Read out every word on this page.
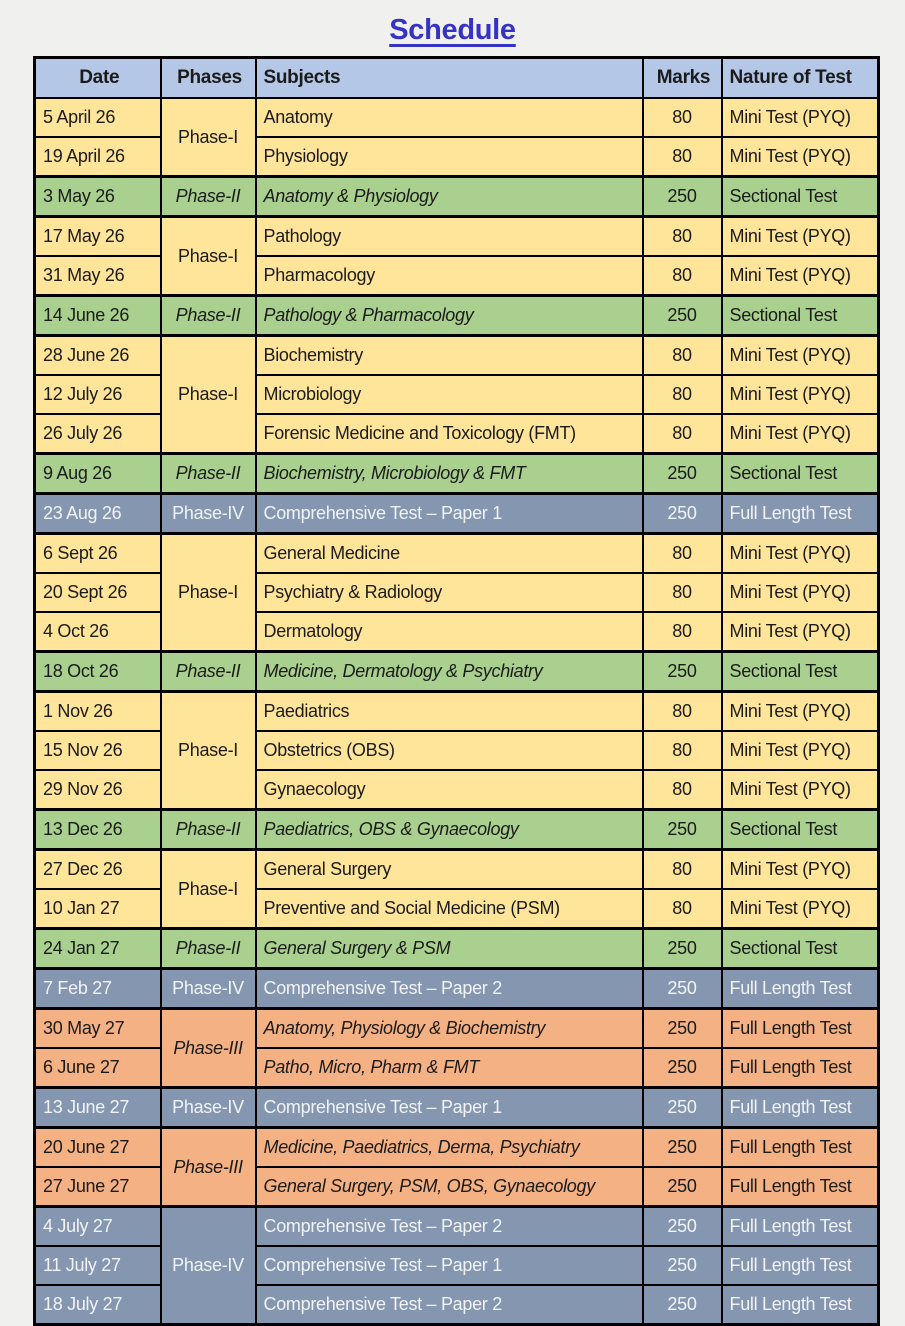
Schedule
Date	Phases	Subjects	Marks	Nature of Test
5 April 26	Phase-I	Anatomy	80	Mini Test (PYQ)
19 April 26		Physiology	80	Mini Test (PYQ)
3 May 26	Phase-II	Anatomy & Physiology	250	Sectional Test
17 May 26	Phase-I	Pathology	80	Mini Test (PYQ)
31 May 26		Pharmacology	80	Mini Test (PYQ)
14 June 26	Phase-II	Pathology & Pharmacology	250	Sectional Test
28 June 26	Phase-I	Biochemistry	80	Mini Test (PYQ)
12 July 26		Microbiology	80	Mini Test (PYQ)
26 July 26		Forensic Medicine and Toxicology (FMT)	80	Mini Test (PYQ)
9 Aug 26	Phase-II	Biochemistry, Microbiology & FMT	250	Sectional Test
23 Aug 26	Phase-IV	Comprehensive Test – Paper 1	250	Full Length Test
6 Sept 26	Phase-I	General Medicine	80	Mini Test (PYQ)
20 Sept 26		Psychiatry & Radiology	80	Mini Test (PYQ)
4 Oct 26		Dermatology	80	Mini Test (PYQ)
18 Oct 26	Phase-II	Medicine, Dermatology & Psychiatry	250	Sectional Test
1 Nov 26	Phase-I	Paediatrics	80	Mini Test (PYQ)
15 Nov 26		Obstetrics (OBS)	80	Mini Test (PYQ)
29 Nov 26		Gynaecology	80	Mini Test (PYQ)
13 Dec 26	Phase-II	Paediatrics, OBS & Gynaecology	250	Sectional Test
27 Dec 26	Phase-I	General Surgery	80	Mini Test (PYQ)
10 Jan 27		Preventive and Social Medicine (PSM)	80	Mini Test (PYQ)
24 Jan 27	Phase-II	General Surgery & PSM	250	Sectional Test
7 Feb 27	Phase-IV	Comprehensive Test – Paper 2	250	Full Length Test
30 May 27	Phase-III	Anatomy, Physiology & Biochemistry	250	Full Length Test
6 June 27		Patho, Micro, Pharm & FMT	250	Full Length Test
13 June 27	Phase-IV	Comprehensive Test – Paper 1	250	Full Length Test
20 June 27	Phase-III	Medicine, Paediatrics, Derma, Psychiatry	250	Full Length Test
27 June 27		General Surgery, PSM, OBS, Gynaecology	250	Full Length Test
4 July 27	Phase-IV	Comprehensive Test – Paper 2	250	Full Length Test
11 July 27		Comprehensive Test – Paper 1	250	Full Length Test
18 July 27		Comprehensive Test – Paper 2	250	Full Length Test
